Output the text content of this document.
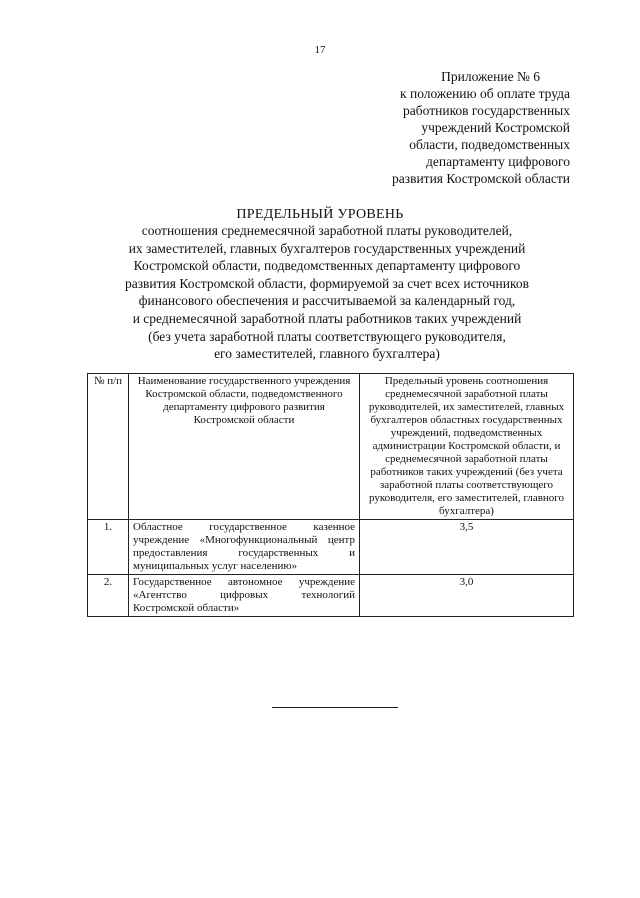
17
Приложение № 6
к положению об оплате труда
работников государственных
учреждений Костромской
области, подведомственных
департаменту цифрового
развития Костромской области
ПРЕДЕЛЬНЫЙ УРОВЕНЬ
соотношения среднемесячной заработной платы руководителей,
их заместителей, главных бухгалтеров государственных учреждений
Костромской области, подведомственных департаменту цифрового
развития Костромской области, формируемой за счет всех источников
финансового обеспечения и рассчитываемой за календарный год,
и среднемесячной заработной платы работников таких учреждений
(без учета заработной платы соответствующего руководителя,
его заместителей, главного бухгалтера)
№ п/п	Наименование государственного учреждения Костромской области, подведомственного департаменту цифрового развития Костромской области	Предельный уровень соотношения среднемесячной заработной платы руководителей, их заместителей, главных бухгалтеров областных государственных учреждений, подведомственных администрации Костромской области, и среднемесячной заработной платы работников таких учреждений (без учета заработной платы соответствующего руководителя, его заместителей, главного бухгалтера)
1.	Областное государственное казенное учреждение «Многофункциональный центр предоставления государственных и муниципальных услуг населению»	3,5
2.	Государственное автономное учреждение «Агентство цифровых технологий Костромской области»	3,0
